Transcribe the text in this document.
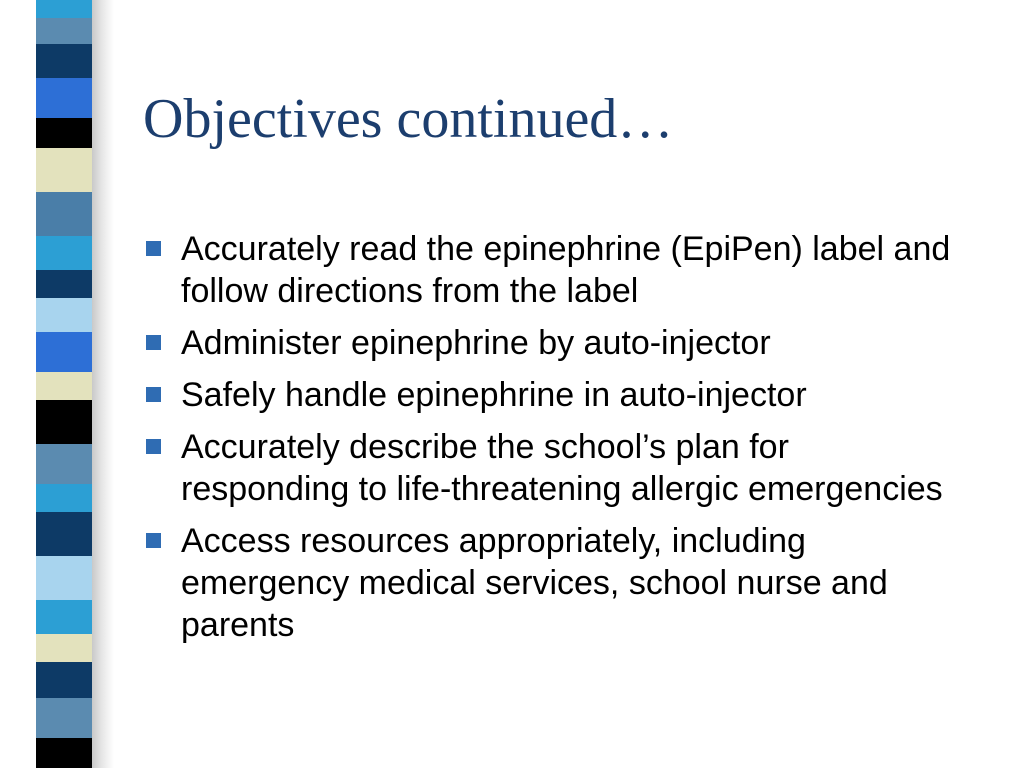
Objectives continued…
Accurately read the epinephrine (EpiPen) label and follow directions from the label
Administer epinephrine by auto-injector
Safely handle epinephrine in auto-injector
Accurately describe the school’s plan for responding to life-threatening allergic emergencies
Access resources appropriately, including emergency medical services, school nurse and parents
